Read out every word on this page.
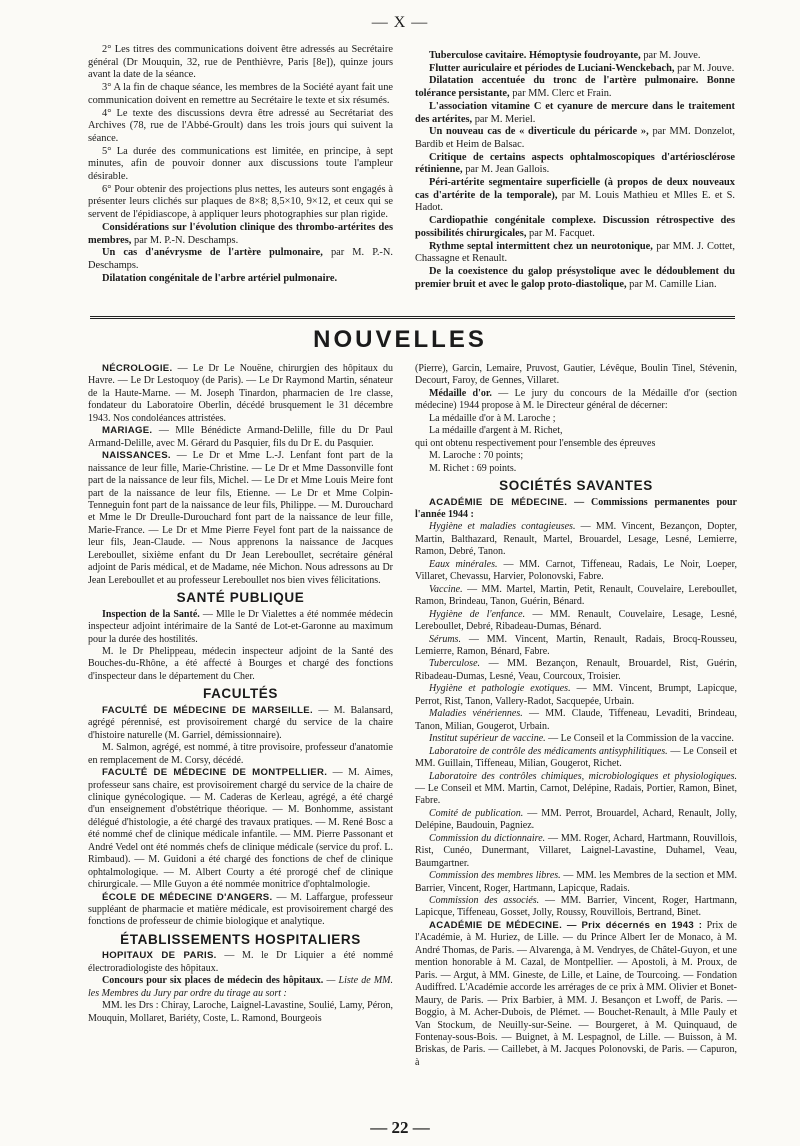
— X —

2° Les titres des communications doivent être adressés au Secrétaire général (Dr Mouquin, 32, rue de Penthièvre, Paris [8e]), quinze jours avant la date de la séance.

3° A la fin de chaque séance, les membres de la Société ayant fait une communication doivent en remettre au Secrétaire le texte et six résumés.

4° Le texte des discussions devra être adressé au Secrétariat des Archives (78, rue de l'Abbé-Groult) dans les trois jours qui suivent la séance.

5° La durée des communications est limitée, en principe, à sept minutes, afin de pouvoir donner aux discussions toute l'ampleur désirable.

6° Pour obtenir des projections plus nettes, les auteurs sont engagés à présenter leurs clichés sur plaques de 8×8; 8,5×10, 9×12, et ceux qui se servent de l'épidiascope, à appliquer leurs photographies sur plan rigide.

Considérations sur l'évolution clinique des thrombo-artérites des membres, par M. P.-N. Deschamps.

Un cas d'anévrysme de l'artère pulmonaire, par M. P.-N. Deschamps.

Dilatation congénitale de l'arbre artériel pulmonaire.

Tuberculose cavitaire. Hémoptysie foudroyante, par M. Jouve.

Flutter auriculaire et périodes de Luciani-Wenckebach, par M. Jouve.

Dilatation accentuée du tronc de l'artère pulmonaire. Bonne tolérance persistante, par MM. Clerc et Frain.

L'association vitamine C et cyanure de mercure dans le traitement des artérites, par M. Meriel.

Un nouveau cas de « diverticule du péricarde », par MM. Donzelot, Bardib et Heim de Balsac.

Critique de certains aspects ophtalmoscopiques d'artériosclérose rétinienne, par M. Jean Gallois.

Péri-artérite segmentaire superficielle (à propos de deux nouveaux cas d'artérite de la temporale), par M. Louis Mathieu et Mlles E. et S. Hadot.

Cardiopathie congénitale complexe. Discussion rétrospective des possibilités chirurgicales, par M. Facquet.

Rythme septal intermittent chez un neurotonique, par MM. J. Cottet, Chassagne et Renault.

De la coexistence du galop présystolique avec le dédoublement du premier bruit et avec le galop proto-diastolique, par M. Camille Lian.

NOUVELLES

NÉCROLOGIE. — Le Dr Le Nouëne, chirurgien des hôpitaux du Havre. — Le Dr Lestoquoy (de Paris). — Le Dr Raymond Martin, sénateur de la Haute-Marne. — M. Joseph Tinardon, pharmacien de 1re classe, fondateur du Laboratoire Oberlin, décédé brusquement le 31 décembre 1943. Nos condoléances attristées.

MARIAGE. — Mlle Bénédicte Armand-Delille, fille du Dr Paul Armand-Delille, avec M. Gérard du Pasquier, fils du Dr E. du Pasquier.

NAISSANCES. — Le Dr et Mme L.-J. Lenfant font part de la naissance de leur fille, Marie-Christine. — Le Dr et Mme Dassonville font part de la naissance de leur fils, Michel. — Le Dr et Mme Louis Meire font part de la naissance de leur fils, Etienne. — Le Dr et Mme Colpin-Tenneguin font part de la naissance de leur fils, Philippe. — M. Durouchard et Mme le Dr Dreulle-Durouchard font part de la naissance de leur fille, Marie-France. — Le Dr et Mme Pierre Feyel font part de la naissance de leur fils, Jean-Claude. — Nous apprenons la naissance de Jacques Lereboullet, sixième enfant du Dr Jean Lereboullet, secrétaire général adjoint de Paris médical, et de Madame, née Michon. Nous adressons au Dr Jean Lereboullet et au professeur Lereboullet nos bien vives félicitations.

SANTÉ PUBLIQUE

Inspection de la Santé. — Mlle le Dr Vialettes a été nommée médecin inspecteur adjoint intérimaire de la Santé de Lot-et-Garonne au maximum pour la durée des hostilités.

M. le Dr Phelippeau, médecin inspecteur adjoint de la Santé des Bouches-du-Rhône, a été affecté à Bourges et chargé des fonctions d'inspecteur dans le département du Cher.

FACULTÉS

FACULTÉ DE MÉDECINE DE MARSEILLE. — M. Balansard, agrégé pérennisé, est provisoirement chargé du service de la chaire d'histoire naturelle (M. Garriel, démissionnaire).

M. Salmon, agrégé, est nommé, à titre provisoire, professeur d'anatomie en remplacement de M. Corsy, décédé.

FACULTÉ DE MÉDECINE DE MONTPELLIER. — M. Aimes, professeur sans chaire, est provisoirement chargé du service de la chaire de clinique gynécologique. — M. Caderas de Kerleau, agrégé, a été chargé d'un enseignement d'obstétrique théorique. — M. Bonhomme, assistant délégué d'histologie, a été chargé des travaux pratiques. — M. René Bosc a été nommé chef de clinique médicale infantile. — MM. Pierre Passonant et André Vedel ont été nommés chefs de clinique médicale (service du prof. L. Rimbaud). — M. Guidoni a été chargé des fonctions de chef de clinique ophtalmologique. — M. Albert Courty a été prorogé chef de clinique chirurgicale. — Mlle Guyon a été nommée monitrice d'ophtalmologie.

ÉCOLE DE MÉDECINE D'ANGERS. — M. Laffargue, professeur suppléant de pharmacie et matière médicale, est provisoirement chargé des fonctions de professeur de chimie biologique et analytique.

ÉTABLISSEMENTS HOSPITALIERS

HOPITAUX DE PARIS. — M. le Dr Liquier a été nommé électroradiologiste des hôpitaux.

Concours pour six places de médecin des hôpitaux. — Liste de MM. les Membres du Jury par ordre du tirage au sort :

MM. les Drs : Chiray, Laroche, Laignel-Lavastine, Soulié, Lamy, Péron, Mouquin, Mollaret, Bariéty, Coste, L. Ramond, Bourgeois

(Pierre), Garcin, Lemaire, Pruvost, Gautier, Lévêque, Boulin Tinel, Stévenin, Decourt, Faroy, de Gennes, Villaret.

Médaille d'or. — Le jury du concours de la Médaille d'or (section médecine) 1944 propose à M. le Directeur général de décerner:

La médaille d'or à M. Laroche ;

La médaille d'argent à M. Richet,

qui ont obtenu respectivement pour l'ensemble des épreuves

M. Laroche : 70 points;

M. Richet : 69 points.

SOCIÉTÉS SAVANTES

ACADÉMIE DE MÉDECINE. — Commissions permanentes pour l'année 1944 :

Hygiène et maladies contagieuses. — MM. Vincent, Bezançon, Dopter, Martin, Balthazard, Renault, Martel, Brouardel, Lesage, Lesné, Lemierre, Ramon, Debré, Tanon.

Eaux minérales. — MM. Carnot, Tiffeneau, Radais, Le Noir, Loeper, Villaret, Chevassu, Harvier, Polonovski, Fabre.

Vaccine. — MM. Martel, Martin, Petit, Renault, Couvelaire, Lereboullet, Ramon, Brindeau, Tanon, Guérin, Bénard.

Hygiène de l'enfance. — MM. Renault, Couvelaire, Lesage, Lesné, Lereboullet, Debré, Ribadeau-Dumas, Bénard.

Sérums. — MM. Vincent, Martin, Renault, Radais, Brocq-Rousseu, Lemierre, Ramon, Bénard, Fabre.

Tuberculose. — MM. Bezançon, Renault, Brouardel, Rist, Guérin, Ribadeau-Dumas, Lesné, Veau, Courcoux, Troisier.

Hygiène et pathologie exotiques. — MM. Vincent, Brumpt, Lapicque, Perrot, Rist, Tanon, Vallery-Radot, Sacquepée, Urbain.

Maladies vénériennes. — MM. Claude, Tiffeneau, Levaditi, Brindeau, Tanon, Milian, Gougerot, Urbain.

Institut supérieur de vaccine. — Le Conseil et la Commission de la vaccine.

Laboratoire de contrôle des médicaments antisyphilitiques. — Le Conseil et MM. Guillain, Tiffeneau, Milian, Gougerot, Richet.

Laboratoire des contrôles chimiques, microbiologiques et physiologiques. — Le Conseil et MM. Martin, Carnot, Delépine, Radais, Portier, Ramon, Binet, Fabre.

Comité de publication. — MM. Perrot, Brouardel, Achard, Renault, Jolly, Delépine, Baudouin, Pagniez.

Commission du dictionnaire. — MM. Roger, Achard, Hartmann, Rouvillois, Rist, Cunéo, Dunermant, Villaret, Laignel-Lavastine, Duhamel, Veau, Baumgartner.

Commission des membres libres. — MM. les Membres de la section et MM. Barrier, Vincent, Roger, Hartmann, Lapicque, Radais.

Commission des associés. — MM. Barrier, Vincent, Roger, Hartmann, Lapicque, Tiffeneau, Gosset, Jolly, Roussy, Rouvillois, Bertrand, Binet.

ACADÉMIE DE MÉDECINE. — Prix décernés en 1943 : Prix de l'Académie, à M. Huriez, de Lille. — du Prince Albert Ier de Monaco, à M. André Thomas, de Paris. — Alvarenga, à M. Vendryes, de Châtel-Guyon, et une mention honorable à M. Cazal, de Montpellier. — Apostoli, à M. Proux, de Paris. — Argut, à MM. Gineste, de Lille, et Laine, de Tourcoing. — Fondation Audiffred. L'Académie accorde les arrérages de ce prix à MM. Olivier et Bonet-Maury, de Paris. — Prix Barbier, à MM. J. Besançon et Lwoff, de Paris. — Boggio, à M. Acher-Dubois, de Plémet. — Bouchet-Renault, à Mlle Pauly et Van Stockum, de Neuilly-sur-Seine. — Bourgeret, à M. Quinquaud, de Fontenay-sous-Bois. — Buignet, à M. Lespagnol, de Lille. — Buisson, à M. Briskas, de Paris. — Caillebet, à M. Jacques Polonovski, de Paris. — Capuron, à

— 22 —
